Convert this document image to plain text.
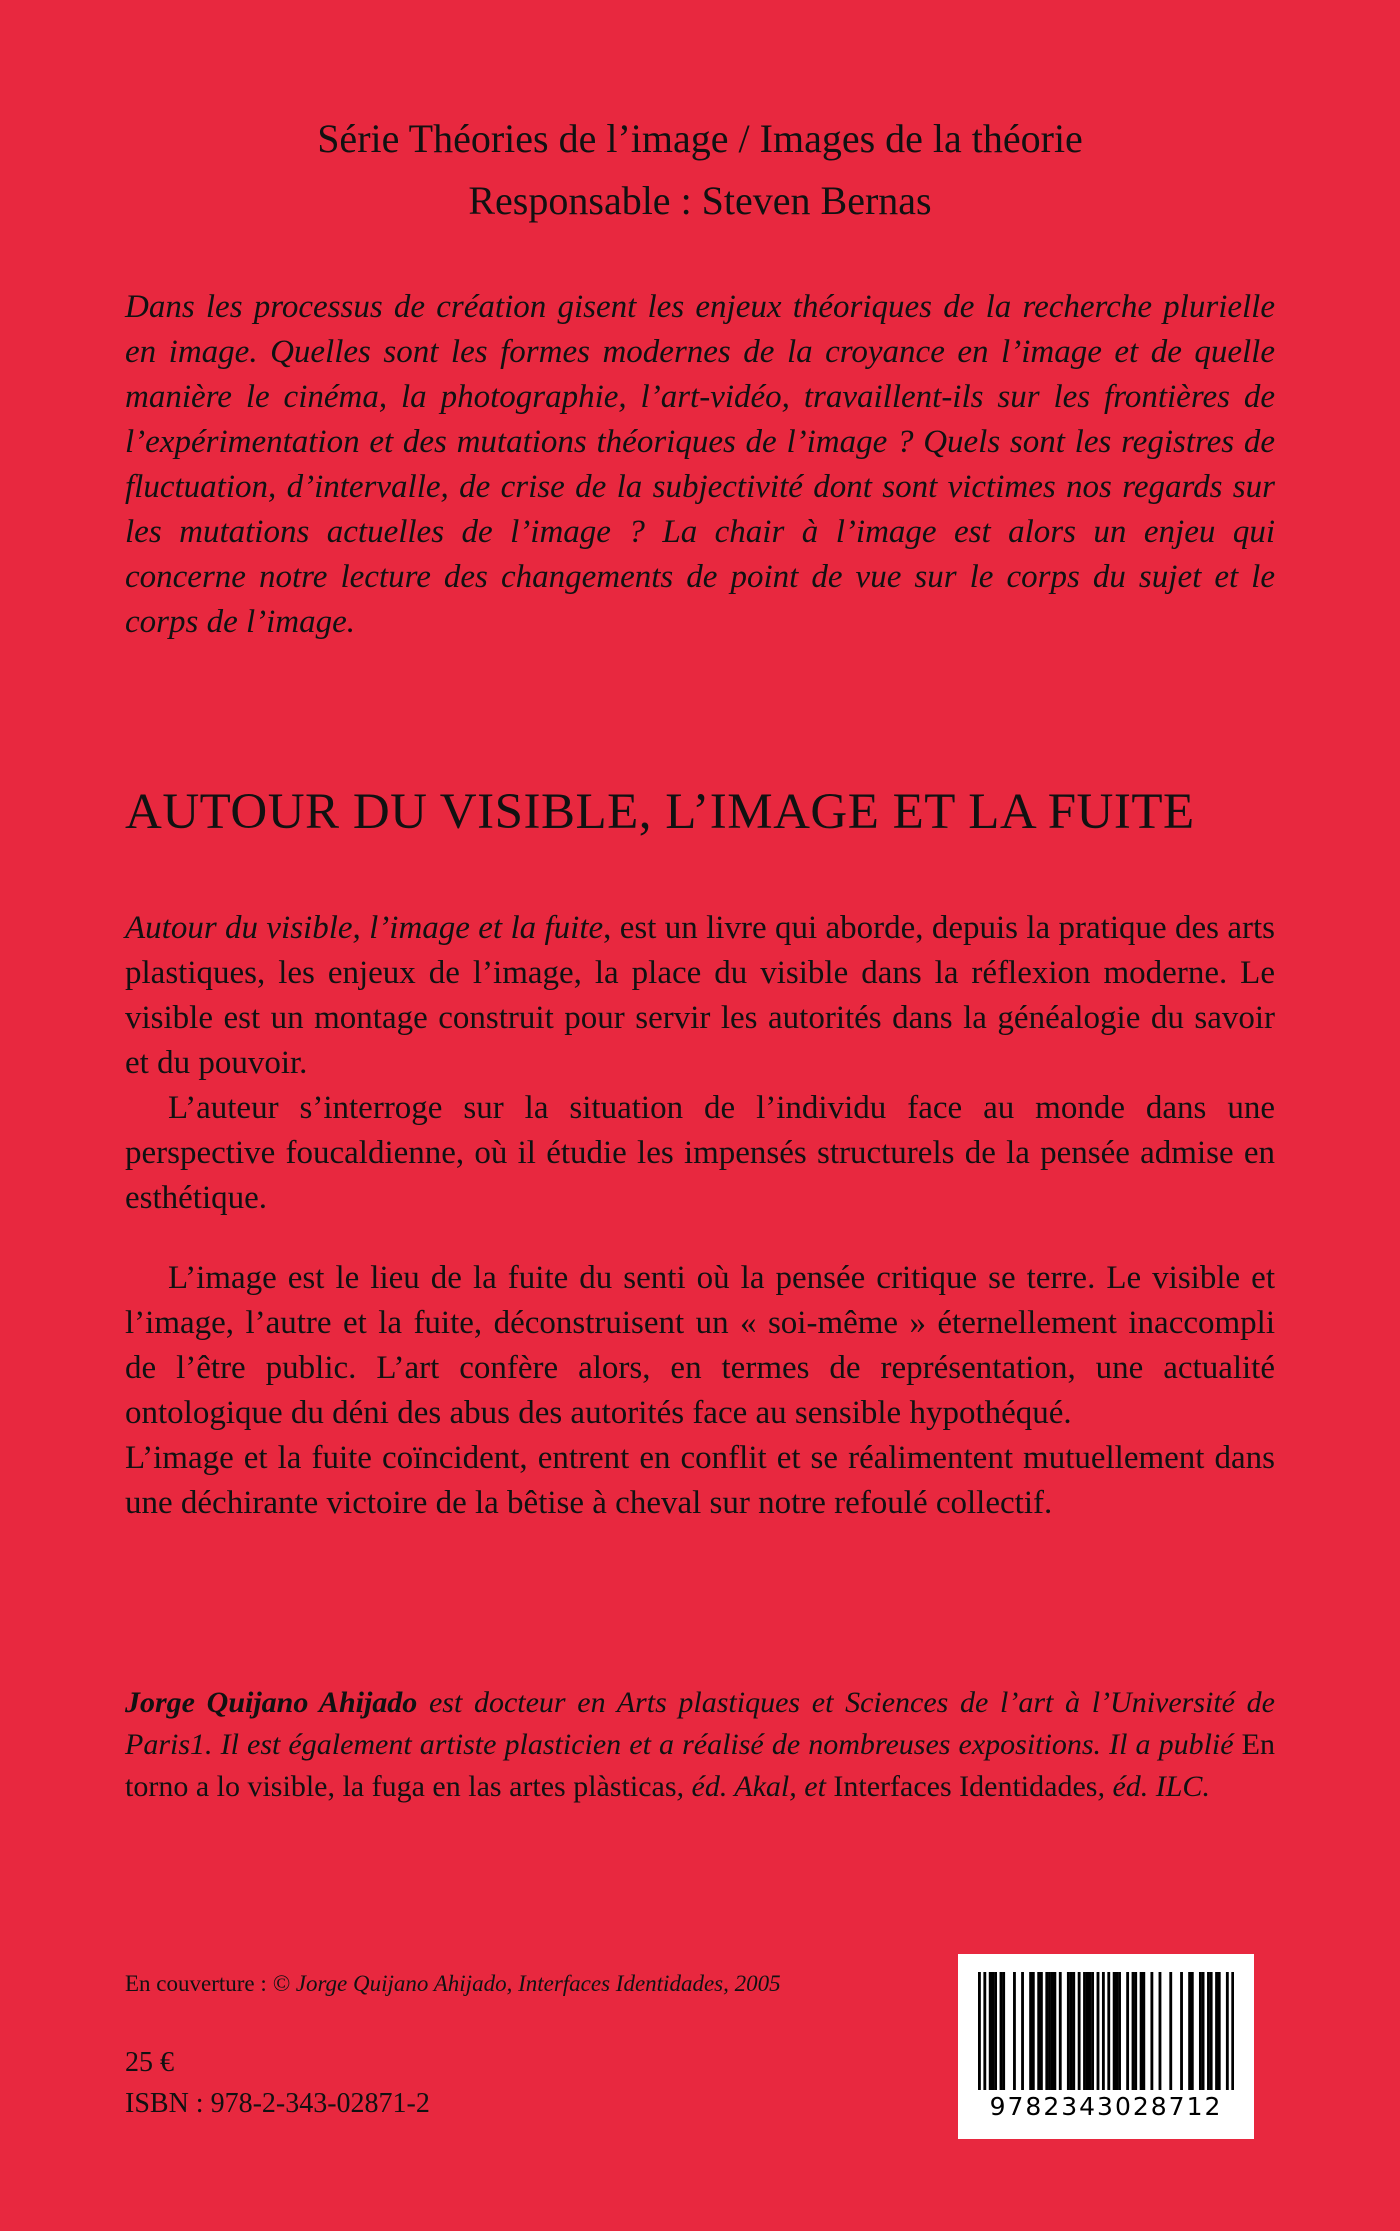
Série Théories de l’image / Images de la théorie
Responsable : Steven Bernas
Dans les processus de création gisent les enjeux théoriques de la recherche plurielle en image. Quelles sont les formes modernes de la croyance en l’image et de quelle manière le cinéma, la photographie, l’art-vidéo, travaillent-ils sur les frontières de l’expérimentation et des mutations théoriques de l’image ? Quels sont les registres de fluctuation, d’intervalle, de crise de la subjectivité dont sont victimes nos regards sur les mutations actuelles de l’image ? La chair à l’image est alors un enjeu qui concerne notre lecture des changements de point de vue sur le corps du sujet et le corps de l’image.
AUTOUR DU VISIBLE, L’IMAGE ET LA FUITE

Autour du visible, l’image et la fuite, est un livre qui aborde, depuis la pratique des arts plastiques, les enjeux de l’image, la place du visible dans la réflexion moderne. Le visible est un montage construit pour servir les autorités dans la généalogie du savoir et du pouvoir.

L’auteur s’interroge sur la situation de l’individu face au monde dans une perspective foucaldienne, où il étudie les impensés structurels de la pensée admise en esthétique.

L’image est le lieu de la fuite du senti où la pensée critique se terre. Le visible et l’image, l’autre et la fuite, déconstruisent un « soi-même » éternellement inaccompli de l’être public. L’art confère alors, en termes de représentation, une actualité ontologique du déni des abus des autorités face au sensible hypothéqué.

L’image et la fuite coïncident, entrent en conflit et se réalimentent mutuellement dans une déchirante victoire de la bêtise à cheval sur notre refoulé collectif.

Jorge Quijano Ahijado est docteur en Arts plastiques et Sciences de l’art à l’Université de Paris1. Il est également artiste plasticien et a réalisé de nombreuses expositions. Il a publié En torno a lo visible, la fuga en las artes plàsticas, éd. Akal, et Interfaces Identidades, éd. ILC.
En couverture : © Jorge Quijano Ahijado, Interfaces Identidades, 2005
25 €
ISBN : 978-2-343-02871-2	9782343028712
